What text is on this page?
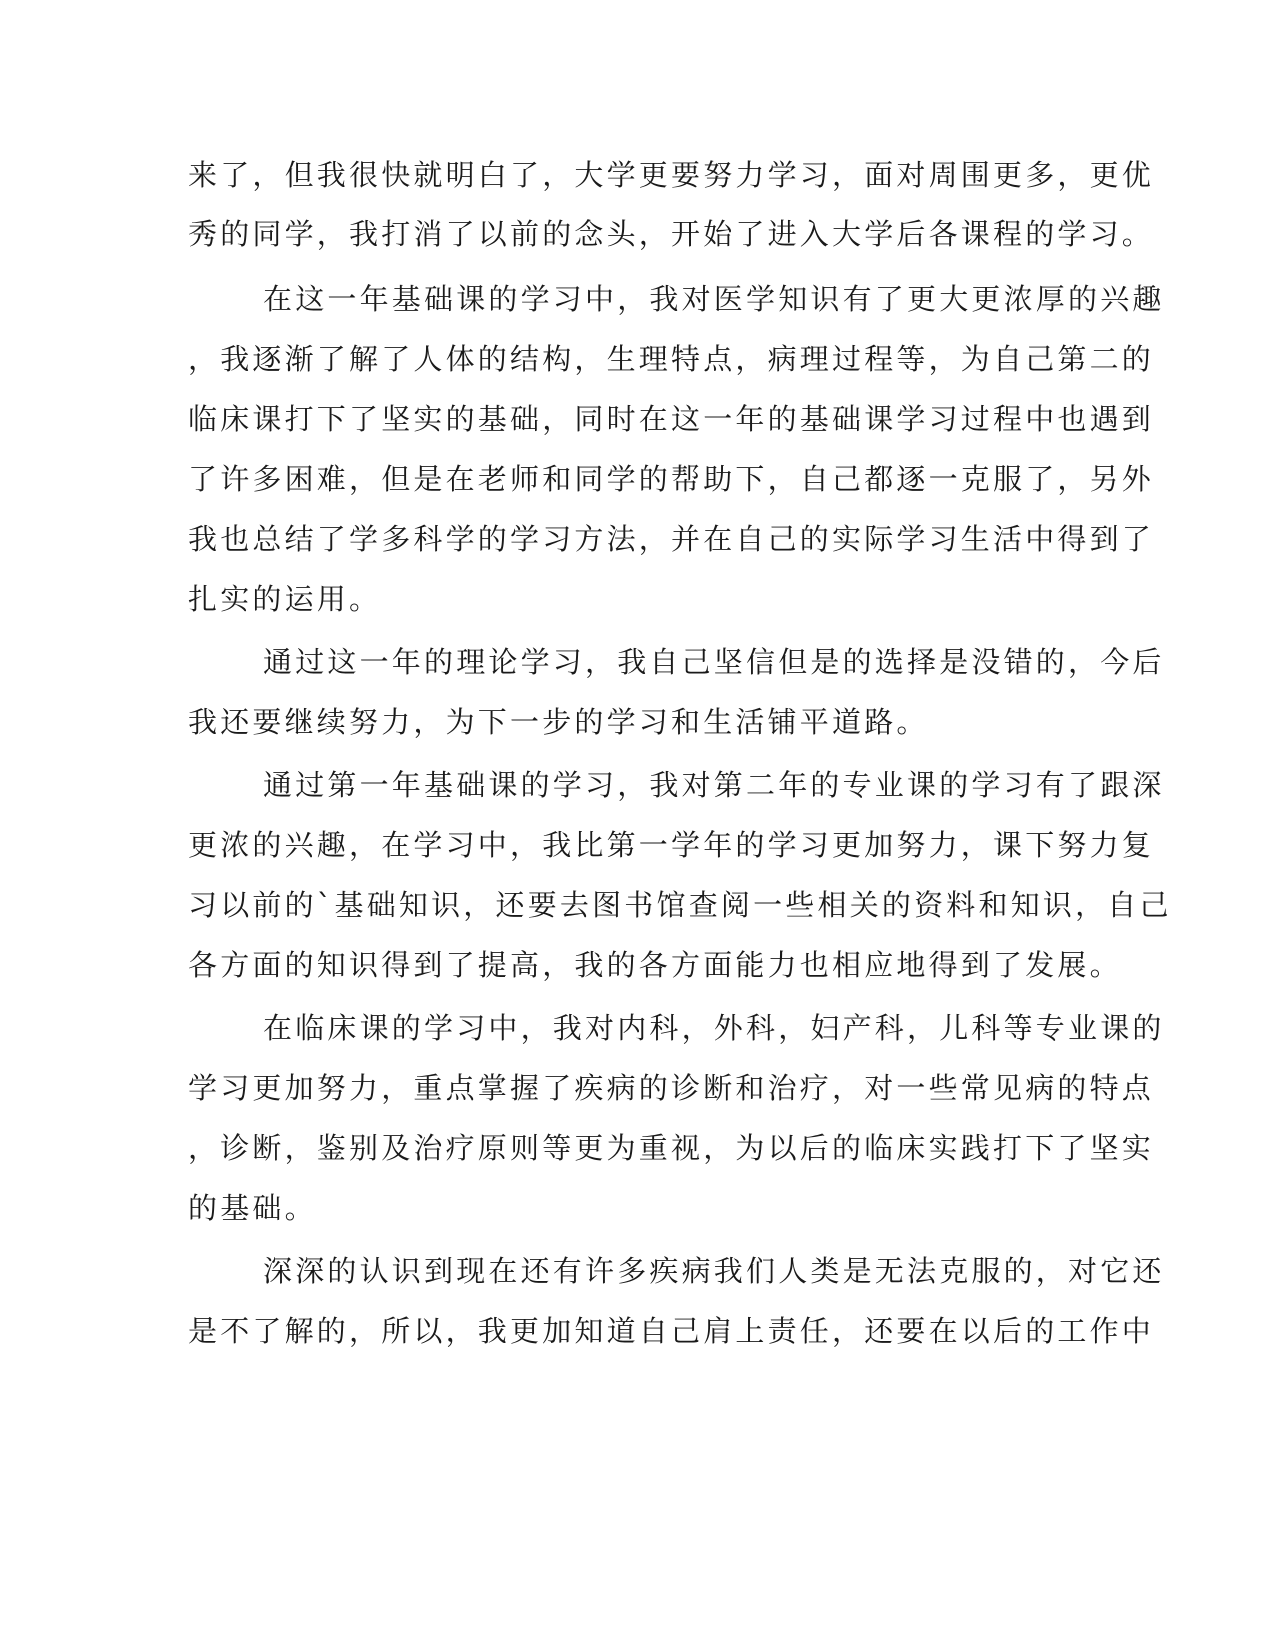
来了，但我很快就明白了，大学更要努力学习，面对周围更多，更优
秀的同学，我打消了以前的念头，开始了进入大学后各课程的学习。
在这一年基础课的学习中，我对医学知识有了更大更浓厚的兴趣
，我逐渐了解了人体的结构，生理特点，病理过程等，为自己第二的
临床课打下了坚实的基础，同时在这一年的基础课学习过程中也遇到
了许多困难，但是在老师和同学的帮助下，自己都逐一克服了，另外
我也总结了学多科学的学习方法，并在自己的实际学习生活中得到了
扎实的运用。
通过这一年的理论学习，我自己坚信但是的选择是没错的，今后
我还要继续努力，为下一步的学习和生活铺平道路。
通过第一年基础课的学习，我对第二年的专业课的学习有了跟深
更浓的兴趣，在学习中，我比第一学年的学习更加努力，课下努力复
习以前的`基础知识，还要去图书馆查阅一些相关的资料和知识，自己
各方面的知识得到了提高，我的各方面能力也相应地得到了发展。
在临床课的学习中，我对内科，外科，妇产科，儿科等专业课的
学习更加努力，重点掌握了疾病的诊断和治疗，对一些常见病的特点
，诊断，鉴别及治疗原则等更为重视，为以后的临床实践打下了坚实
的基础。
深深的认识到现在还有许多疾病我们人类是无法克服的，对它还
是不了解的，所以，我更加知道自己肩上责任，还要在以后的工作中
